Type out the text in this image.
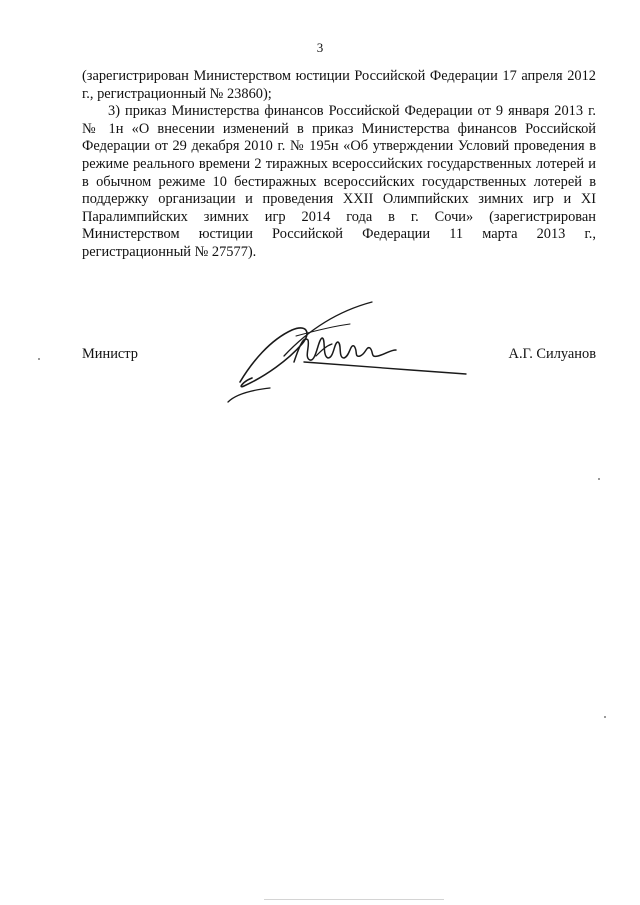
3

(зарегистрирован Министерством юстиции Российской Федерации 17 апреля 2012 г., регистрационный № 23860);

3) приказ Министерства финансов Российской Федерации от 9 января 2013 г. № 1н «О внесении изменений в приказ Министерства финансов Российской Федерации от 29 декабря 2010 г. № 195н «Об утверждении Условий проведения в режиме реального времени 2 тиражных всероссийских государственных лотерей и в обычном режиме 10 бестиражных всероссийских государственных лотерей в поддержку организации и проведения XXII Олимпийских зимних игр и XI Паралимпийских зимних игр 2014 года в г. Сочи» (зарегистрирован Министерством юстиции Российской Федерации 11 марта 2013 г., регистрационный № 27577).

Министр	А.Г. Силуанов
